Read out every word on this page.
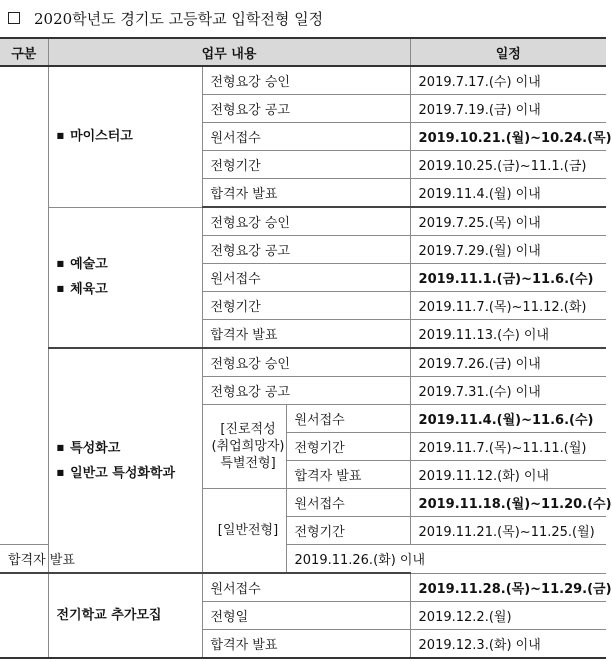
2020학년도 경기도 고등학교 입학전형 일정
구분	업무 내용			일정

	■ 마이스터고	전형요강 승인		2019.7.17.(수) 이내
		전형요강 공고		2019.7.19.(금) 이내
		원서접수		2019.10.21.(월)~10.24.(목)
		전형기간		2019.10.25.(금)~11.1.(금)
		합격자 발표		2019.11.4.(월) 이내

	■ 예술고
■ 체육고	전형요강 승인		2019.7.25.(목) 이내
		전형요강 공고		2019.7.29.(월) 이내
		원서접수		2019.11.1.(금)~11.6.(수)
		전형기간		2019.11.7.(목)~11.12.(화)
		합격자 발표		2019.11.13.(수) 이내

	■ 특성화고
■ 일반고 특성화학과	전형요강 승인		2019.7.26.(금) 이내
		전형요강 공고		2019.7.31.(수) 이내

		[진로적성
(취업희망자)
특별전형]	원서접수	2019.11.4.(월)~11.6.(수)
			전형기간	2019.11.7.(목)~11.11.(월)
			합격자 발표	2019.11.12.(화) 이내
		[일반전형]	원서접수	2019.11.18.(월)~11.20.(수)
			전형기간	2019.11.21.(목)~11.25.(월)
합격자 발표			2019.11.26.(화) 이내	

	전기학교 추가모집	원서접수		2019.11.28.(목)~11.29.(금)
		전형일		2019.12.2.(월)
		합격자 발표		2019.12.3.(화) 이내
